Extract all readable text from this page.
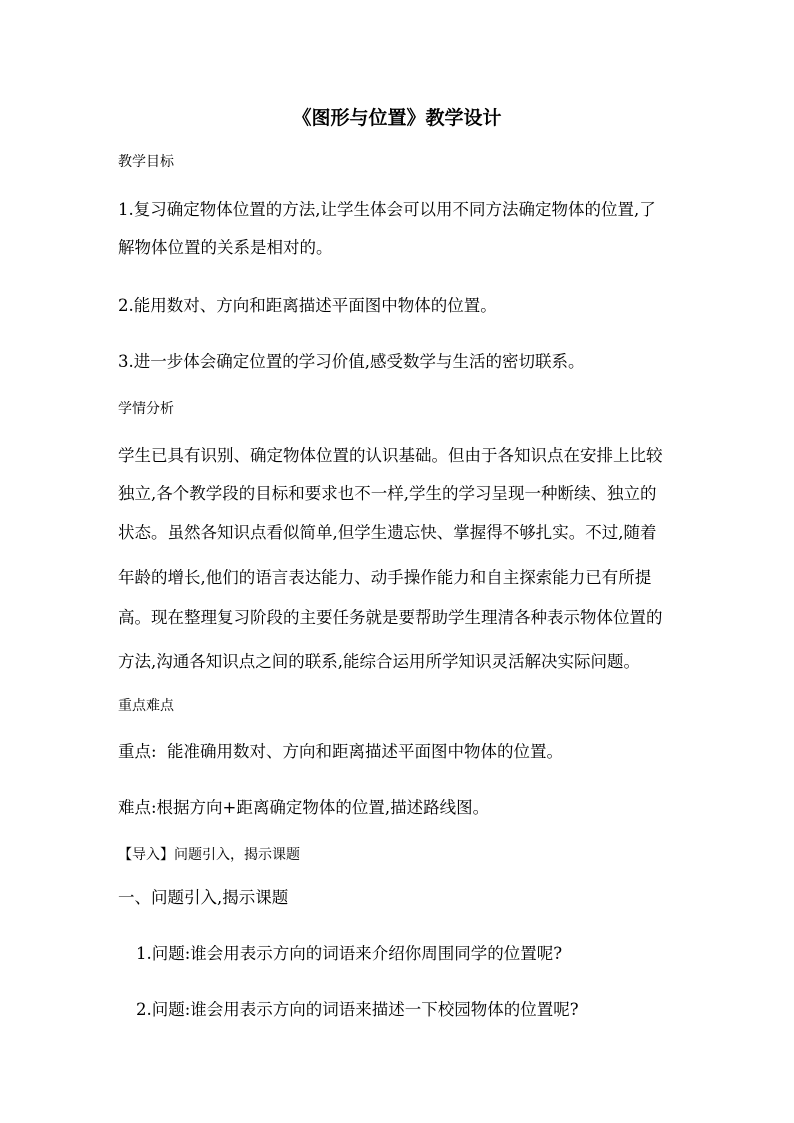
《图形与位置》教学设计
教学目标
1.复习确定物体位置的方法,让学生体会可以用不同方法确定物体的位置,了
解物体位置的关系是相对的。
2.能用数对、方向和距离描述平面图中物体的位置。
3.进一步体会确定位置的学习价值,感受数学与生活的密切联系。
学情分析
学生已具有识别、确定物体位置的认识基础。但由于各知识点在安排上比较
独立,各个教学段的目标和要求也不一样,学生的学习呈现一种断续、独立的
状态。虽然各知识点看似简单,但学生遗忘快、掌握得不够扎实。不过,随着
年龄的增长,他们的语言表达能力、动手操作能力和自主探索能力已有所提
高。现在整理复习阶段的主要任务就是要帮助学生理清各种表示物体位置的
方法,沟通各知识点之间的联系,能综合运用所学知识灵活解决实际问题。
重点难点
重点:  能准确用数对、方向和距离描述平面图中物体的位置。
难点:根据方向+距离确定物体的位置,描述路线图。
【导入】问题引入，揭示课题
一、问题引入,揭示课题
1.问题:谁会用表示方向的词语来介绍你周围同学的位置呢?
2.问题:谁会用表示方向的词语来描述一下校园物体的位置呢?
